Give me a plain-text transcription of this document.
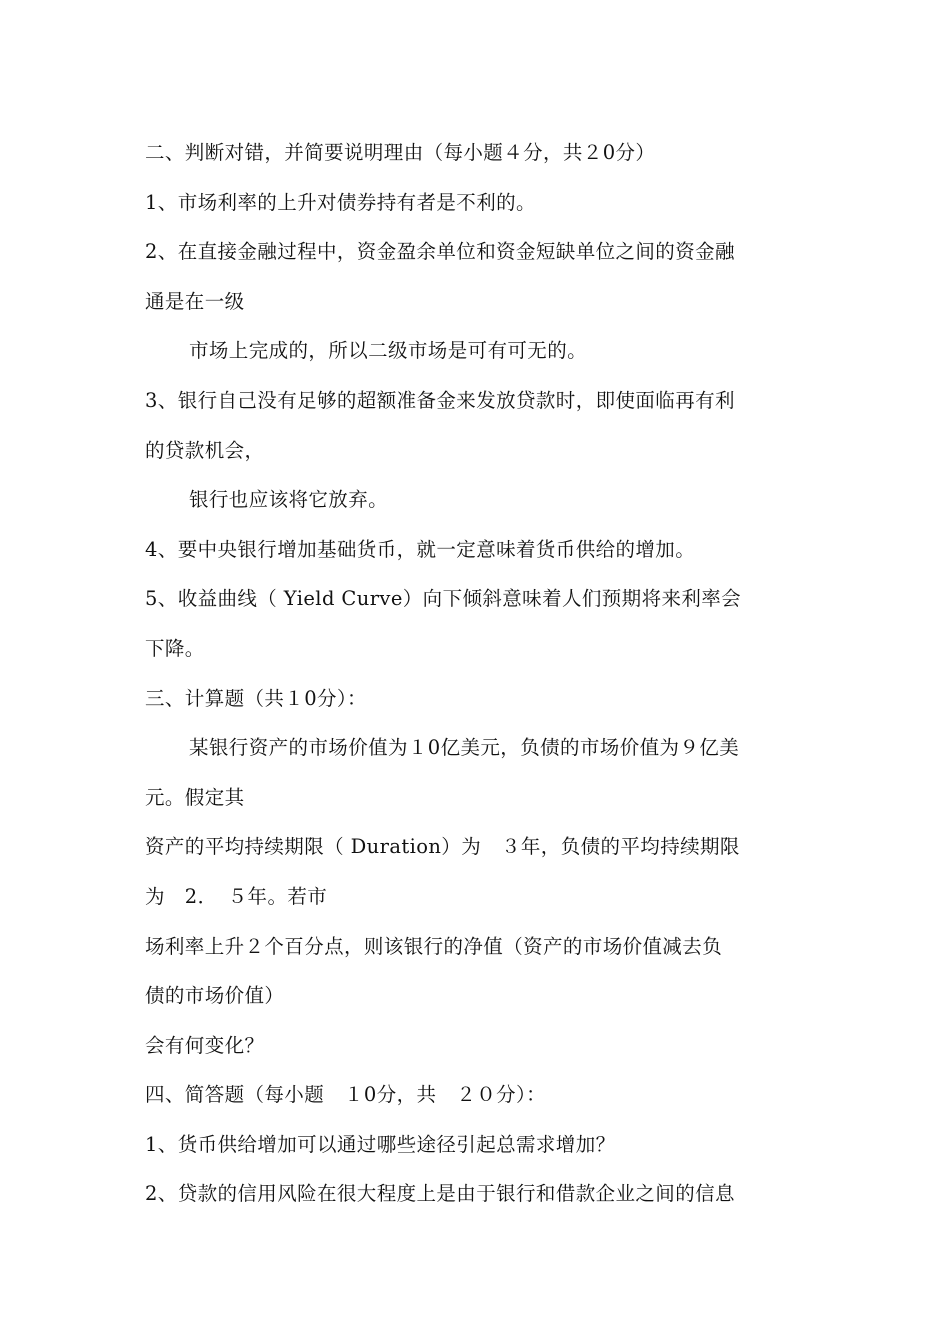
二、判断对错，并简要说明理由（每小题４分，共２0分）
1、市场利率的上升对债券持有者是不利的。
2、在直接金融过程中，资金盈余单位和资金短缺单位之间的资金融
通是在一级
市场上完成的，所以二级市场是可有可无的。
3、银行自己没有足够的超额准备金来发放贷款时，即使面临再有利
的贷款机会，
银行也应该将它放弃。
4、要中央银行增加基础货币，就一定意味着货币供给的增加。
5、收益曲线（ Yield Curve）向下倾斜意味着人们预期将来利率会
下降。
三、计算题（共１0分）：
某银行资产的市场价值为１0亿美元，负债的市场价值为９亿美
元。假定其
资产的平均持续期限（ Duration）为　３年，负债的平均持续期限
为　2．　５年。若市
场利率上升２个百分点，则该银行的净值（资产的市场价值减去负
债的市场价值）
会有何变化？
四、简答题（每小题　１0分，共　２０分）：
1、货币供给增加可以通过哪些途径引起总需求增加？
2、贷款的信用风险在很大程度上是由于银行和借款企业之间的信息
